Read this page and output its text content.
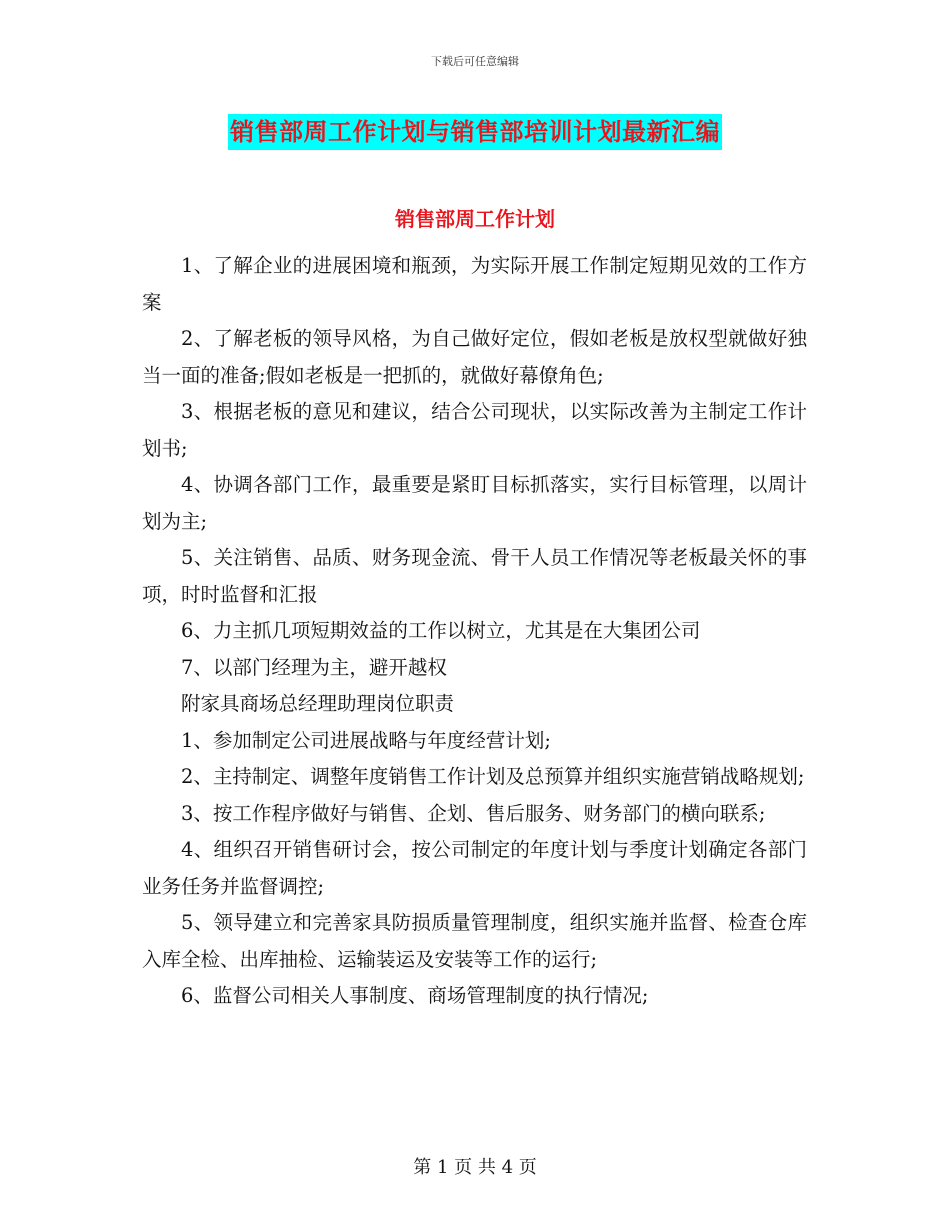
下载后可任意编辑
销售部周工作计划与销售部培训计划最新汇编
销售部周工作计划

1、了解企业的进展困境和瓶颈，为实际开展工作制定短期见效的工作方案

2、了解老板的领导风格，为自己做好定位，假如老板是放权型就做好独当一面的准备;假如老板是一把抓的，就做好幕僚角色;

3、根据老板的意见和建议，结合公司现状，以实际改善为主制定工作计划书;

4、协调各部门工作，最重要是紧盯目标抓落实，实行目标管理，以周计划为主;

5、关注销售、品质、财务现金流、骨干人员工作情况等老板最关怀的事项，时时监督和汇报

6、力主抓几项短期效益的工作以树立，尤其是在大集团公司

7、以部门经理为主，避开越权

附家具商场总经理助理岗位职责

1、参加制定公司进展战略与年度经营计划;

2、主持制定、调整年度销售工作计划及总预算并组织实施营销战略规划;

3、按工作程序做好与销售、企划、售后服务、财务部门的横向联系;

4、组织召开销售研讨会，按公司制定的年度计划与季度计划确定各部门业务任务并监督调控;

5、领导建立和完善家具防损质量管理制度，组织实施并监督、检查仓库入库全检、出库抽检、运输装运及安装等工作的运行;

6、监督公司相关人事制度、商场管理制度的执行情况;

第 1 页 共 4 页
